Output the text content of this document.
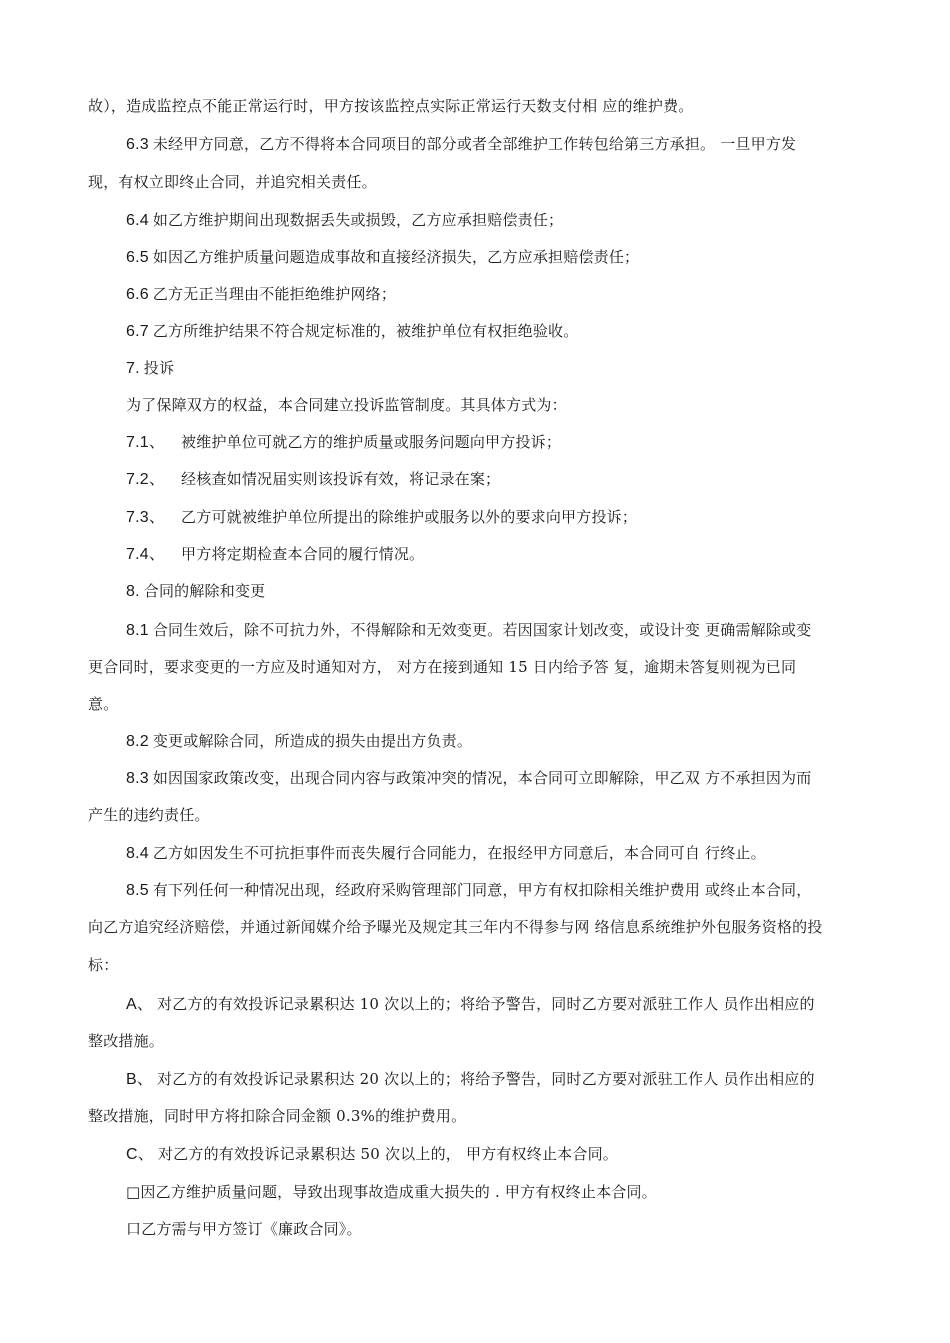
故），造成监控点不能正常运行时，甲方按该监控点实际正常运行天数支付相 应的维护费。
6.3 未经甲方同意，乙方不得将本合同项目的部分或者全部维护工作转包给第三方承担。 一旦甲方发
现，有权立即终止合同，并追究相关责任。
6.4 如乙方维护期间出现数据丢失或损毁，乙方应承担赔偿责任；
6.5 如因乙方维护质量问题造成事故和直接经济损失，乙方应承担赔偿责任；
6.6 乙方无正当理由不能拒绝维护网络；
6.7 乙方所维护结果不符合规定标准的，被维护单位有权拒绝验收。
7. 投诉
为了保障双方的权益，本合同建立投诉监管制度。其具体方式为：
7.1、 被维护单位可就乙方的维护质量或服务问题向甲方投诉；
7.2、 经核查如情况届实则该投诉有效，将记录在案；
7.3、 乙方可就被维护单位所提出的除维护或服务以外的要求向甲方投诉；
7.4、 甲方将定期检查本合同的履行情况。
8. 合同的解除和变更
8.1 合同生效后，除不可抗力外，不得解除和无效变更。若因国家计划改变，或设计变 更确需解除或变
更合同时，要求变更的一方应及时通知对方， 对方在接到通知 15 日内给予答 复，逾期未答复则视为已同
意。
8.2 变更或解除合同，所造成的损失由提出方负责。
8.3 如因国家政策改变，出现合同内容与政策冲突的情况，本合同可立即解除，甲乙双 方不承担因为而
产生的违约责任。
8.4 乙方如因发生不可抗拒事件而丧失履行合同能力，在报经甲方同意后，本合同可自 行终止。
8.5 有下列任何一种情况出现，经政府采购管理部门同意，甲方有权扣除相关维护费用 或终止本合同，
向乙方追究经济赔偿，并通过新闻媒介给予曝光及规定其三年内不得参与网 络信息系统维护外包服务资格的投
标：
A、 对乙方的有效投诉记录累积达 10 次以上的；将给予警告，同时乙方要对派驻工作人 员作出相应的
整改措施。
B、 对乙方的有效投诉记录累积达 20 次以上的；将给予警告，同时乙方要对派驻工作人 员作出相应的
整改措施，同时甲方将扣除合同金额 0.3%的维护费用。
C、 对乙方的有效投诉记录累积达 50 次以上的， 甲方有权终止本合同。
□因乙方维护质量问题，导致出现事故造成重大损失的 . 甲方有权终止本合同。
口乙方需与甲方签订《廉政合同》。
